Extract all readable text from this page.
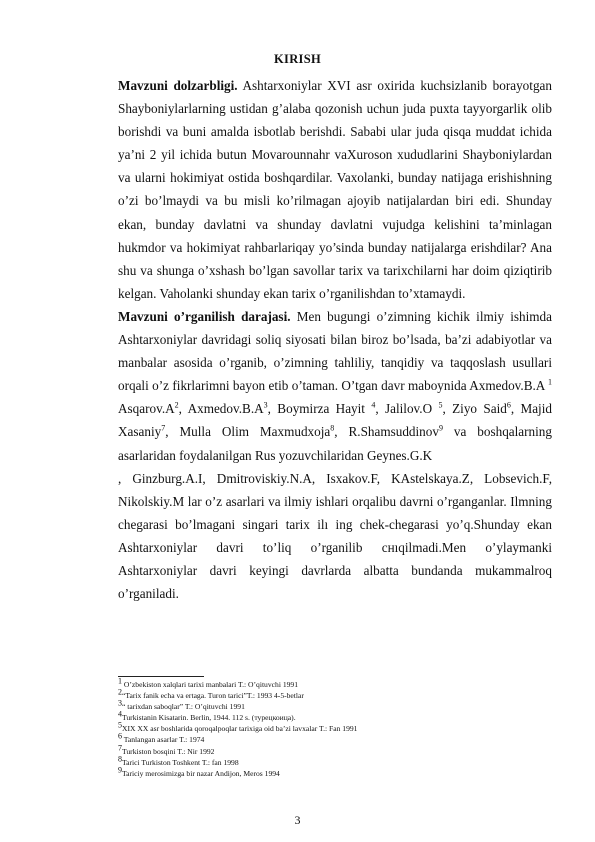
KIRISH

Mavzuni dolzarbligi. Ashtarxoniylar XVI asr oxirida kuchsizlanib borayotgan Shayboniylarlarning ustidan g’alaba qozonish uchun juda puxta tayyorgarlik olib borishdi va buni amalda isbotlab berishdi. Sababi ular juda qisqa muddat ichida ya’ni 2 yil ichida butun Movarounnahr vaXuroson xududlarini Shayboniylardan va ularni hokimiyat ostida boshqardilar. Vaxolanki, bunday natijaga erishishning o’zi bo’lmaydi va bu misli ko’rilmagan ajoyib natijalardan biri edi. Shunday ekan, bunday davlatni va shunday davlatni vujudga kelishini ta’minlagan hukmdor va hokimiyat rahbarlariqay yo’sinda bunday natijalarga erishdilar? Ana shu va shunga o’xshash bo’lgan savollar tarix va tarixchilarni har doim qiziqtirib kelgan. Vaholanki shunday ekan tarix o’rganilishdan to’xtamaydi.

Mavzuni o’rganilish darajasi. Men bugungi o’zimning kichik ilmiy ishimda Ashtarxoniylar davridagi soliq siyosati bilan biroz bo’lsada, ba’zi adabiyotlar va manbalar asosida o’rganib, o’zimning tahliliy, tanqidiy va taqqoslash usullari orqali o’z fikrlarimni bayon etib o’taman. O’tgan davr maboynida Axmedov.B.A $^1$ $Asqarov.A^2$, $Axmedov.B.A^3$, Boymirza Hayit $^4$, Jalilov.O $^5$, Ziyo Said$^6$, Majid Xasaniy$^7$, Mulla Olim Maxmudxoja$^8$, R.Shamsuddinov$^9$ va boshqalarning asarlaridan foydalanilgan Rus yozuvchilaridan Geynes.G.K

, Ginzburg.A.I, Dmitroviskiy.N.A, Isxakov.F, KAstelskaya.Z, Lobsevich.F, Nikolskiy.M lar o’z asarlari va ilmiy ishlari orqalibu davrni o’rganganlar. Ilmning chegarasi bo’lmagani singari tarix ilı ing chek-chegarasi yo’q.Shunday ekan Ashtarxoniylar davri to’liq o’rganilib cнıqilmadi.Men o’ylaymanki Ashtarxoniylar davri keyingi davrlarda albatta bundanda mukammalroq o’rganiladi.

$^1$ O’zbekiston xalqlari tarixi manbalari T.: O’qituvchi 1991
$^2$“Tarix fanik echa va ertaga. Turon tarici”T.: 1993 4-5-betlar
$^3$“ tarixdan saboqlar” T.: O’qituvchi 1991
$^4$Turkistanin Kisatarin. Berlin, 1944. 112 s. (турецкоица).
$^5$XIX XX asr boshlarida qoroqalpoqlar tarixiga oid ba’zi lavxalar T.: Fan 1991
$^6$ Tanlangan asarlar T.: 1974
$^7$Turkiston bosqini T.: Nir 1992
$^8$Tarici Turkiston Toshkent T.: fan 1998
$^9$Tariciy merosimizga bir nazar Andijon, Meros 1994
3
